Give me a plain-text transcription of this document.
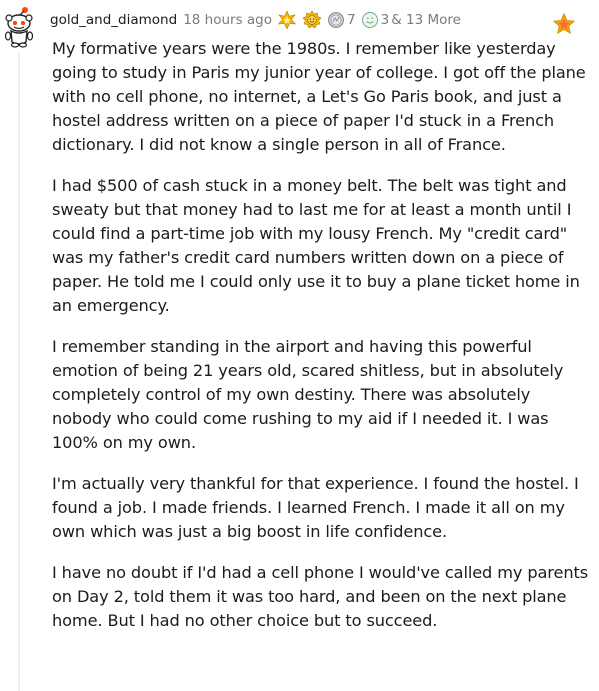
gold_and_diamond 18 hours ago	7 3 & 13 More

My formative years were the 1980s. I remember like yesterday going to study in Paris my junior year of college. I got off the plane with no cell phone, no internet, a Let's Go Paris book, and just a hostel address written on a piece of paper I'd stuck in a French dictionary. I did not know a single person in all of France.

I had $500 of cash stuck in a money belt. The belt was tight and sweaty but that money had to last me for at least a month until I could find a part-time job with my lousy French. My "credit card" was my father's credit card numbers written down on a piece of paper. He told me I could only use it to buy a plane ticket home in an emergency.

I remember standing in the airport and having this powerful emotion of being 21 years old, scared shitless, but in absolutely completely control of my own destiny. There was absolutely nobody who could come rushing to my aid if I needed it. I was 100% on my own.

I'm actually very thankful for that experience. I found the hostel. I found a job. I made friends. I learned French. I made it all on my own which was just a big boost in life confidence.

I have no doubt if I'd had a cell phone I would've called my parents on Day 2, told them it was too hard, and been on the next plane home. But I had no other choice but to succeed.
